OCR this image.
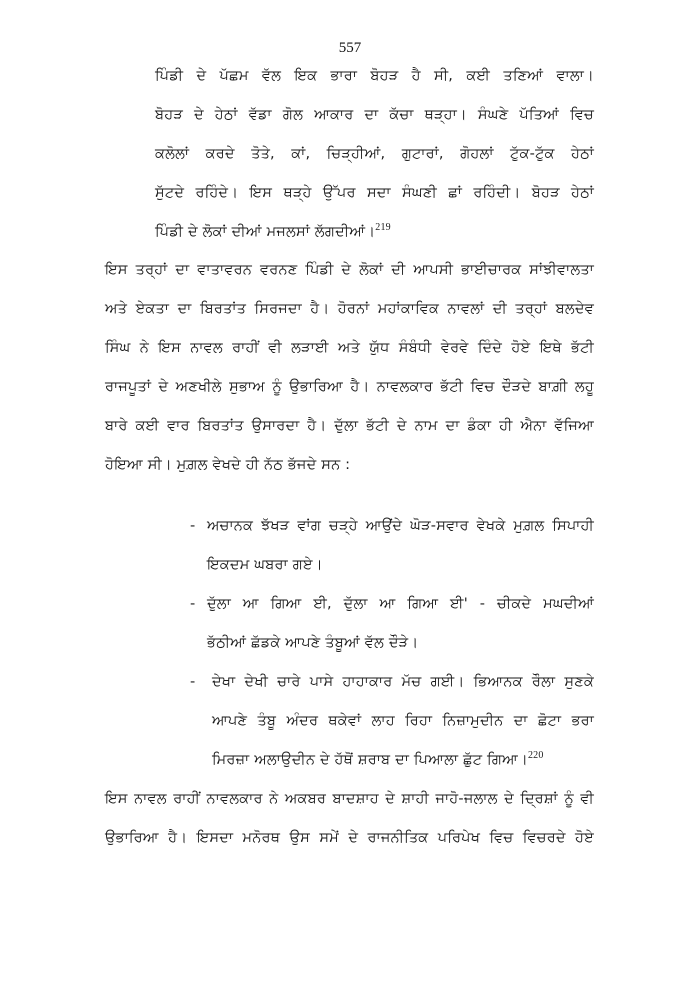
557
ਪਿੰਡੀ ਦੇ ਪੱਛਮ ਵੱਲ ਇਕ ਭਾਰਾ ਬੋਹੜ ਹੈ ਸੀ, ਕਈ ਤਣਿਆਂ ਵਾਲਾ।
ਬੋਹੜ ਦੇ ਹੇਠਾਂ ਵੱਡਾ ਗੋਲ ਆਕਾਰ ਦਾ ਕੱਚਾ ਥੜ੍ਹਾ। ਸੰਘਣੇ ਪੱਤਿਆਂ ਵਿਚ
ਕਲੋਲਾਂ ਕਰਦੇ ਤੋਤੇ, ਕਾਂ, ਚਿੜ੍ਹੀਆਂ, ਗੁਟਾਰਾਂ, ਗੋਹਲਾਂ ਟੁੱਕ-ਟੁੱਕ ਹੇਠਾਂ
ਸੁੱਟਦੇ ਰਹਿੰਦੇ। ਇਸ ਥੜ੍ਹੇ ਉੱਪਰ ਸਦਾ ਸੰਘਣੀ ਛਾਂ ਰਹਿੰਦੀ। ਬੋਹੜ ਹੇਠਾਂ
ਪਿੰਡੀ ਦੇ ਲੋਕਾਂ ਦੀਆਂ ਮਜਲਸਾਂ ਲੱਗਦੀਆਂ।$^{219}$
ਇਸ ਤਰ੍ਹਾਂ ਦਾ ਵਾਤਾਵਰਨ ਵਰਨਣ ਪਿੰਡੀ ਦੇ ਲੋਕਾਂ ਦੀ ਆਪਸੀ ਭਾਈਚਾਰਕ ਸਾਂਝੀਵਾਲਤਾ
ਅਤੇ ਏਕਤਾ ਦਾ ਬਿਰਤਾਂਤ ਸਿਰਜਦਾ ਹੈ। ਹੋਰਨਾਂ ਮਹਾਂਕਾਵਿਕ ਨਾਵਲਾਂ ਦੀ ਤਰ੍ਹਾਂ ਬਲਦੇਵ
ਸਿੰਘ ਨੇ ਇਸ ਨਾਵਲ ਰਾਹੀਂ ਵੀ ਲੜਾਈ ਅਤੇ ਯੁੱਧ ਸੰਬੰਧੀ ਵੇਰਵੇ ਦਿੰਦੇ ਹੋਏ ਇਥੇ ਭੱਟੀ
ਰਾਜਪੂਤਾਂ ਦੇ ਅਣਖੀਲੇ ਸੁਭਾਅ ਨੂੰ ਉਭਾਰਿਆ ਹੈ। ਨਾਵਲਕਾਰ ਭੱਟੀ ਵਿਚ ਦੌੜਦੇ ਬਾਗ਼ੀ ਲਹੂ
ਬਾਰੇ ਕਈ ਵਾਰ ਬਿਰਤਾਂਤ ਉਸਾਰਦਾ ਹੈ। ਦੁੱਲਾ ਭੱਟੀ ਦੇ ਨਾਮ ਦਾ ਡੰਕਾ ਹੀ ਐਨਾ ਵੱਜਿਆ
ਹੋਇਆ ਸੀ। ਮੁਗ਼ਲ ਵੇਖਦੇ ਹੀ ਨੱਠ ਭੱਜਦੇ ਸਨ :
- ਅਚਾਨਕ ਝੱਖੜ ਵਾਂਗ ਚੜ੍ਹੇ ਆਉਂਦੇ ਘੋੜ-ਸਵਾਰ ਵੇਖਕੇ ਮੁਗ਼ਲ ਸਿਪਾਹੀ
ਇਕਦਮ ਘਬਰਾ ਗਏ।
- ਦੁੱਲਾ ਆ ਗਿਆ ਈ, ਦੁੱਲਾ ਆ ਗਿਆ ਈ' - ਚੀਕਦੇ ਮਘਦੀਆਂ
ਭੱਠੀਆਂ ਛੱਡਕੇ ਆਪਣੇ ਤੰਬੂਆਂ ਵੱਲ ਦੌੜੇ।
- ਦੇਖਾ ਦੇਖੀ ਚਾਰੇ ਪਾਸੇ ਹਾਹਾਕਾਰ ਮੱਚ ਗਈ। ਭਿਆਨਕ ਰੌਲਾ ਸੁਣਕੇ
ਆਪਣੇ ਤੰਬੂ ਅੰਦਰ ਥਕੇਵਾਂ ਲਾਹ ਰਿਹਾ ਨਿਜ਼ਾਮੁਦੀਨ ਦਾ ਛੋਟਾ ਭਰਾ
ਮਿਰਜ਼ਾ ਅਲਾਉਦੀਨ ਦੇ ਹੱਥੋਂ ਸ਼ਰਾਬ ਦਾ ਪਿਆਲਾ ਛੁੱਟ ਗਿਆ।$^{220}$
ਇਸ ਨਾਵਲ ਰਾਹੀਂ ਨਾਵਲਕਾਰ ਨੇ ਅਕਬਰ ਬਾਦਸ਼ਾਹ ਦੇ ਸ਼ਾਹੀ ਜਾਹੋ-ਜਲਾਲ ਦੇ ਦ੍ਰਿਸ਼ਾਂ ਨੂੰ ਵੀ
ਉਭਾਰਿਆ ਹੈ। ਇਸਦਾ ਮਨੋਰਥ ਉਸ ਸਮੇਂ ਦੇ ਰਾਜਨੀਤਿਕ ਪਰਿਪੇਖ ਵਿਚ ਵਿਚਰਦੇ ਹੋਏ
